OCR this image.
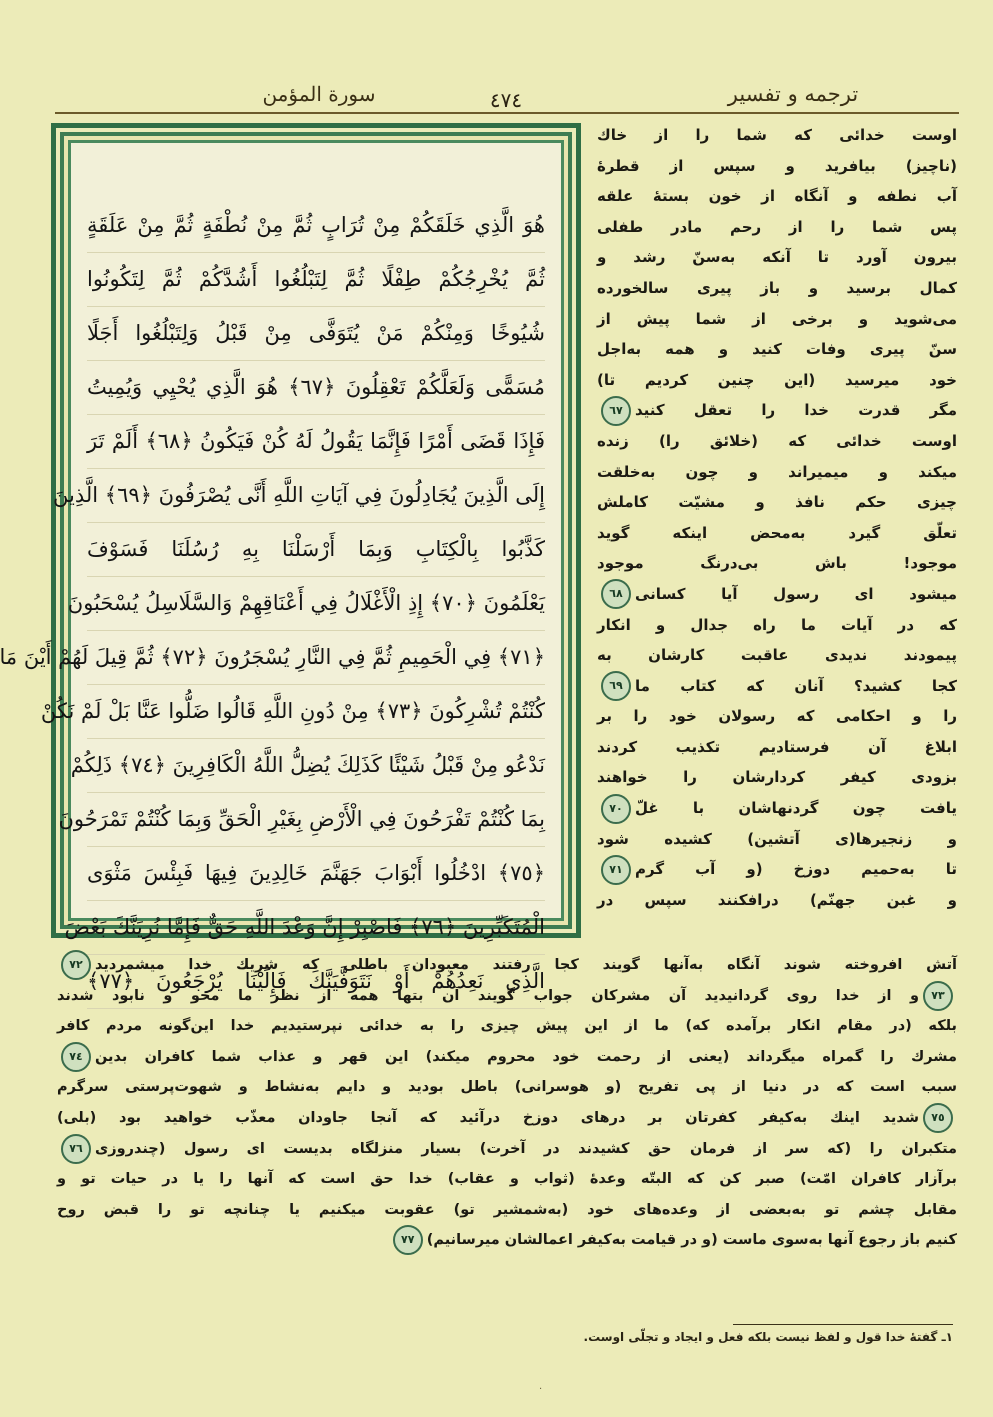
ترجمه و تفسیر
٤٧٤
سورة المؤمن
هُوَ الَّذِي خَلَقَكُمْ مِنْ تُرَابٍ ثُمَّ مِنْ نُطْفَةٍ ثُمَّ مِنْ عَلَقَةٍ
ثُمَّ يُخْرِجُكُمْ طِفْلًا ثُمَّ لِتَبْلُغُوا أَشُدَّكُمْ ثُمَّ لِتَكُونُوا
شُيُوخًا وَمِنْكُمْ مَنْ يُتَوَفَّى مِنْ قَبْلُ وَلِتَبْلُغُوا أَجَلًا
مُسَمًّى وَلَعَلَّكُمْ تَعْقِلُونَ ﴿٦٧﴾ هُوَ الَّذِي يُحْيِي وَيُمِيتُ
فَإِذَا قَضَى أَمْرًا فَإِنَّمَا يَقُولُ لَهُ كُنْ فَيَكُونُ ﴿٦٨﴾ أَلَمْ تَرَ
إِلَى الَّذِينَ يُجَادِلُونَ فِي آيَاتِ اللَّهِ أَنَّى يُصْرَفُونَ ﴿٦٩﴾ الَّذِينَ
كَذَّبُوا بِالْكِتَابِ وَبِمَا أَرْسَلْنَا بِهِ رُسُلَنَا فَسَوْفَ
يَعْلَمُونَ ﴿٧٠﴾ إِذِ الْأَغْلَالُ فِي أَعْنَاقِهِمْ وَالسَّلَاسِلُ يُسْحَبُونَ
﴿٧١﴾ فِي الْحَمِيمِ ثُمَّ فِي النَّارِ يُسْجَرُونَ ﴿٧٢﴾ ثُمَّ قِيلَ لَهُمْ أَيْنَ مَا
كُنْتُمْ تُشْرِكُونَ ﴿٧٣﴾ مِنْ دُونِ اللَّهِ قَالُوا ضَلُّوا عَنَّا بَلْ لَمْ نَكُنْ
نَدْعُو مِنْ قَبْلُ شَيْئًا كَذَلِكَ يُضِلُّ اللَّهُ الْكَافِرِينَ ﴿٧٤﴾ ذَلِكُمْ
بِمَا كُنْتُمْ تَفْرَحُونَ فِي الْأَرْضِ بِغَيْرِ الْحَقِّ وَبِمَا كُنْتُمْ تَمْرَحُونَ
﴿٧٥﴾ ادْخُلُوا أَبْوَابَ جَهَنَّمَ خَالِدِينَ فِيهَا فَبِئْسَ مَثْوَى
الْمُتَكَبِّرِينَ ﴿٧٦﴾ فَاصْبِرْ إِنَّ وَعْدَ اللَّهِ حَقٌّ فَإِمَّا نُرِيَنَّكَ بَعْضَ
الَّذِي نَعِدُهُمْ أَوْ نَتَوَفَّيَنَّكَ فَإِلَيْنَا يُرْجَعُونَ ﴿٧٧﴾
اوست خدائی که شما را از خاك
(ناچیز) بیافرید و سپس از قطرهٔ
آب نطفه و آنگاه از خون بستهٔ علقه
پس شما را از رحم مادر طفلی
بیرون آورد تا آنکه به‌سنّ رشد و
کمال برسید و باز پیری سالخورده
می‌شوید و برخی از شما پیش از
سنّ پیری وفات کنید و همه به‌اجل
خود میرسید (این چنین کردیم تا)
مگر قدرت خدا را تعقل کنید٦٧
اوست خدائی که (خلائق را) زنده
میکند و میمیراند و چون به‌خلقت
چیزی حکم نافذ و مشیّت کاملش
تعلّق گیرد به‌محض اینکه گوید
موجود! باش بی‌درنگ موجود
میشود ای رسول آیا کسانی٦٨
که در آیات ما راه جدال و انکار
پیمودند ندیدی عاقبت کارشان به
کجا کشید؟ آنان که کتاب ما٦٩
را و احکامی که رسولان خود را بر
ابلاغ آن فرستادیم تکذیب کردند
بزودی کیفر کردارشان را خواهند
یافت چون گردنهاشان با غلّ٧٠
و زنجیرها(ی آتشین) کشیده شود
تا به‌حمیم دوزخ (و آب گرم٧١
و غبن جهنّم) درافکنند سپس در
آتش افروخته شوند آنگاه به‌آنها گویند کجا رفتند معبودان باطلی که شریك خدا میشمردید٧٢
٧٣و از خدا روی گردانیدید آن مشرکان جواب گویند آن بتها همه از نظر ما محو و نابود شدند
بلکه (در مقام انکار برآمده که) ما از این پیش چیزی را به خدائی نپرستیدیم خدا این‌گونه مردم کافر
مشرك را گمراه میگرداند (یعنی از رحمت خود محروم میکند) این قهر و عذاب شما کافران بدین٧٤
سبب است که در دنیا از پی تفریح (و هوسرانی) باطل بودید و دایم به‌نشاط و شهوت‌پرستی سرگرم
٧٥شدید اینك به‌کیفر کفرتان بر درهای دوزخ درآئید که آنجا جاودان معذّب خواهید بود (بلی)
متکبران را (که سر از فرمان حق کشیدند در آخرت) بسیار منزلگاه بدیست ای رسول (چندروزی٧٦
برآزار کافران امّت) صبر کن که البتّه وعدهٔ (ثواب و عقاب) خدا حق است که آنها را یا در حیات تو و
مقابل چشم تو به‌بعضی از وعده‌های خود (به‌شمشیر تو) عقوبت میکنیم یا چنانچه تو را قبض روح
کنیم باز رجوع آنها به‌سوی ماست (و در قیامت به‌کیفر اعمالشان میرسانیم)٧٧
۱ـ گفتهٔ خدا قول و لفظ نیست بلکه فعل و ایجاد و تجلّی اوست.
·
